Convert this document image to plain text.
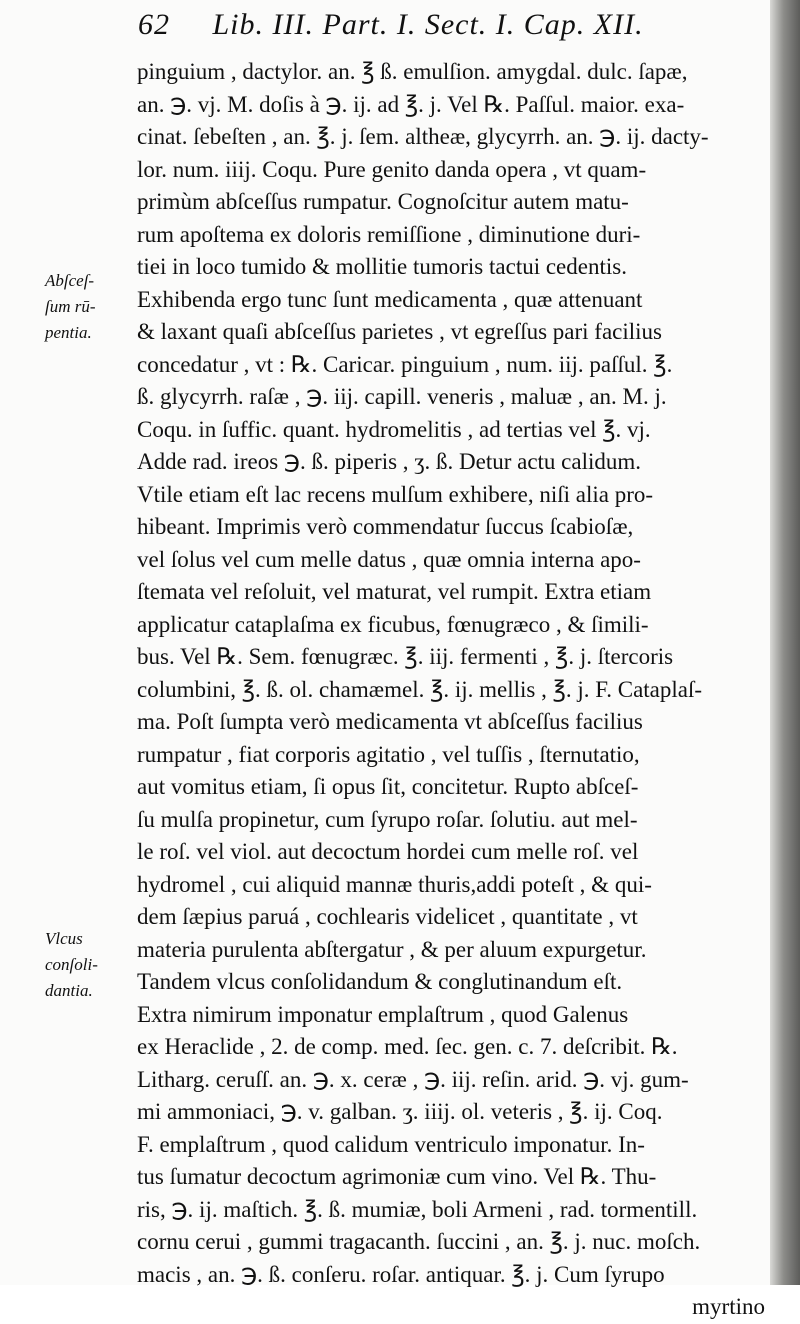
62 Lib. III. Part. I. Sect. I. Cap. XII.
Abſceſ-
ſum rū-
pentia.
Vlcus
conſoli-
dantia.
pinguium , dactylor. an. ℥ ß. emulſion. amygdal. dulc. ſapæ,
an. ℈. vj. M. doſis à ℈. ij. ad ℥. j. Vel ℞. Paſſul. maior. exa-
cinat. ſebeſten , an. ℥. j. ſem. altheæ, glycyrrh. an. ℈. ij. dacty-
lor. num. iiij. Coqu. Pure genito danda opera , vt quam-
primùm abſceſſus rumpatur. Cognoſcitur autem matu-
rum apoſtema ex doloris remiſſione , diminutione duri-
tiei in loco tumido & mollitie tumoris tactui cedentis.
Exhibenda ergo tunc ſunt medicamenta , quæ attenuant
& laxant quaſi abſceſſus parietes , vt egreſſus pari facilius
concedatur , vt : ℞. Caricar. pinguium , num. iij. paſſul. ℥.
ß. glycyrrh. raſæ , ℈. iij. capill. veneris , maluæ , an. M. j.
Coqu. in ſuffic. quant. hydromelitis , ad tertias vel ℥. vj.
Adde rad. ireos ℈. ß. piperis , ʒ. ß. Detur actu calidum.
Vtile etiam eſt lac recens mulſum exhibere, niſi alia pro-
hibeant. Imprimis verò commendatur ſuccus ſcabioſæ,
vel ſolus vel cum melle datus , quæ omnia interna apo-
ſtemata vel reſoluit, vel maturat, vel rumpit. Extra etiam
applicatur cataplaſma ex ficubus, fœnugræco , & ſimili-
bus. Vel ℞. Sem. fœnugræc. ℥. iij. fermenti , ℥. j. ſtercoris
columbini, ℥. ß. ol. chamæmel. ℥. ij. mellis , ℥. j. F. Cataplaſ-
ma. Poſt ſumpta verò medicamenta vt abſceſſus facilius
rumpatur , fiat corporis agitatio , vel tuſſis , ſternutatio,
aut vomitus etiam, ſi opus ſit, concitetur. Rupto abſceſ-
ſu mulſa propinetur, cum ſyrupo roſar. ſolutiu. aut mel-
le roſ. vel viol. aut decoctum hordei cum melle roſ. vel
hydromel , cui aliquid mannæ thuris,addi poteſt , & qui-
dem ſæpius paruá , cochlearis videlicet , quantitate , vt
materia purulenta abſtergatur , & per aluum expurgetur.
Tandem vlcus conſolidandum & conglutinandum eſt.
Extra nimirum imponatur emplaſtrum , quod Galenus
ex Heraclide , 2. de comp. med. ſec. gen. c. 7. deſcribit. ℞.
Litharg. ceruſſ. an. ℈. x. ceræ , ℈. iij. reſin. arid. ℈. vj. gum-
mi ammoniaci, ℈. v. galban. ʒ. iiij. ol. veteris , ℥. ij. Coq.
F. emplaſtrum , quod calidum ventriculo imponatur. In-
tus ſumatur decoctum agrimoniæ cum vino. Vel ℞. Thu-
ris, ℈. ij. maſtich. ℥. ß. mumiæ, boli Armeni , rad. tormentill.
cornu cerui , gummi tragacanth. ſuccini , an. ℥. j. nuc. moſch.
macis , an. ℈. ß. conſeru. roſar. antiquar. ℥. j. Cum ſyrupo
myrtino
